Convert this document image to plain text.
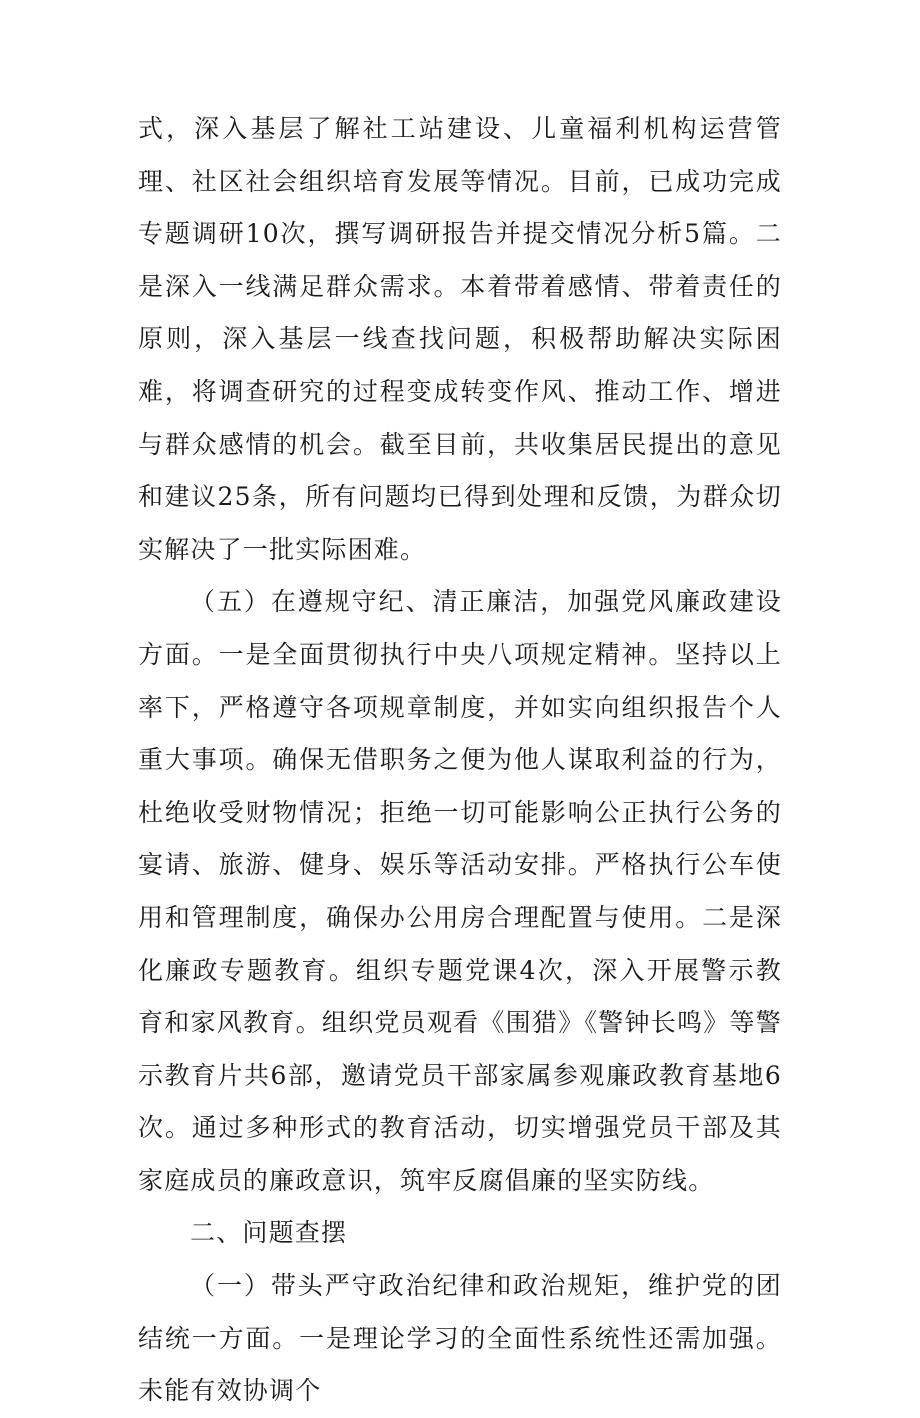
式，深入基层了解社工站建设、儿童福利机构运营管理、社区社会组织培育发展等情况。目前，已成功完成专题调研10次，撰写调研报告并提交情况分析5篇。二是深入一线满足群众需求。本着带着感情、带着责任的原则，深入基层一线查找问题，积极帮助解决实际困难，将调查研究的过程变成转变作风、推动工作、增进与群众感情的机会。截至目前，共收集居民提出的意见和建议25条，所有问题均已得到处理和反馈，为群众切实解决了一批实际困难。

（五）在遵规守纪、清正廉洁，加强党风廉政建设方面。一是全面贯彻执行中央八项规定精神。坚持以上率下，严格遵守各项规章制度，并如实向组织报告个人重大事项。确保无借职务之便为他人谋取利益的行为，杜绝收受财物情况；拒绝一切可能影响公正执行公务的宴请、旅游、健身、娱乐等活动安排。严格执行公车使用和管理制度，确保办公用房合理配置与使用。二是深化廉政专题教育。组织专题党课4次，深入开展警示教育和家风教育。组织党员观看《围猎》《警钟长鸣》等警示教育片共6部，邀请党员干部家属参观廉政教育基地6次。通过多种形式的教育活动，切实增强党员干部及其家庭成员的廉政意识，筑牢反腐倡廉的坚实防线。

二、问题查摆

（一）带头严守政治纪律和政治规矩，维护党的团结统一方面。一是理论学习的全面性系统性还需加强。未能有效协调个
